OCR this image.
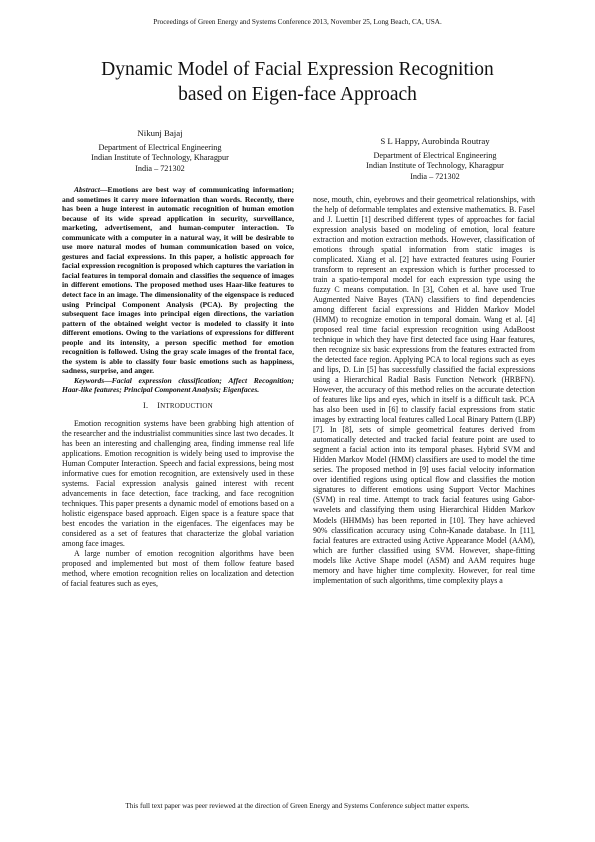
Proceedings of Green Energy and Systems Conference 2013, November 25, Long Beach, CA, USA.
Dynamic Model of Facial Expression Recognition
based on Eigen-face Approach
Nikunj Bajaj
Department of Electrical Engineering
Indian Institute of Technology, Kharagpur
India – 721302
S L Happy, Aurobinda Routray
Department of Electrical Engineering
Indian Institute of Technology, Kharagpur
India – 721302

Abstract—Emotions are best way of communicating information; and sometimes it carry more information than words. Recently, there has been a huge interest in automatic recognition of human emotion because of its wide spread application in security, surveillance, marketing, advertisement, and human-computer interaction. To communicate with a computer in a natural way, it will be desirable to use more natural modes of human communication based on voice, gestures and facial expressions. In this paper, a holistic approach for facial expression recognition is proposed which captures the variation in facial features in temporal domain and classifies the sequence of images in different emotions. The proposed method uses Haar-like features to detect face in an image. The dimensionality of the eigenspace is reduced using Principal Component Analysis (PCA). By projecting the subsequent face images into principal eigen directions, the variation pattern of the obtained weight vector is modeled to classify it into different emotions. Owing to the variations of expressions for different people and its intensity, a person specific method for emotion recognition is followed. Using the gray scale images of the frontal face, the system is able to classify four basic emotions such as happiness, sadness, surprise, and anger.

Keywords—Facial expression classification; Affect Recognition; Haar-like features; Principal Component Analysis; Eigenfaces.

I. INTRODUCTION

Emotion recognition systems have been grabbing high attention of the researcher and the industrialist communities since last two decades. It has been an interesting and challenging area, finding immense real life applications. Emotion recognition is widely being used to improvise the Human Computer Interaction. Speech and facial expressions, being most informative cues for emotion recognition, are extensively used in these systems. Facial expression analysis gained interest with recent advancements in face detection, face tracking, and face recognition techniques. This paper presents a dynamic model of emotions based on a holistic eigenspace based approach. Eigen space is a feature space that best encodes the variation in the eigenfaces. The eigenfaces may be considered as a set of features that characterize the global variation among face images.

A large number of emotion recognition algorithms have been proposed and implemented but most of them follow feature based method, where emotion recognition relies on localization and detection of facial features such as eyes,

nose, mouth, chin, eyebrows and their geometrical relationships, with the help of deformable templates and extensive mathematics. B. Fasel and J. Luettin [1] described different types of approaches for facial expression analysis based on modeling of emotion, local feature extraction and motion extraction methods. However, classification of emotions through spatial information from static images is complicated. Xiang et al. [2] have extracted features using Fourier transform to represent an expression which is further processed to train a spatio-temporal model for each expression type using the fuzzy C means computation. In [3], Cohen et al. have used True Augmented Naive Bayes (TAN) classifiers to find dependencies among different facial expressions and Hidden Markov Model (HMM) to recognize emotion in temporal domain. Wang et al. [4] proposed real time facial expression recognition using AdaBoost technique in which they have first detected face using Haar features, then recognize six basic expressions from the features extracted from the detected face region. Applying PCA to local regions such as eyes and lips, D. Lin [5] has successfully classified the facial expressions using a Hierarchical Radial Basis Function Network (HRBFN). However, the accuracy of this method relies on the accurate detection of features like lips and eyes, which in itself is a difficult task. PCA has also been used in [6] to classify facial expressions from static images by extracting local features called Local Binary Pattern (LBP) [7]. In [8], sets of simple geometrical features derived from automatically detected and tracked facial feature point are used to segment a facial action into its temporal phases. Hybrid SVM and Hidden Markov Model (HMM) classifiers are used to model the time series. The proposed method in [9] uses facial velocity information over identified regions using optical flow and classifies the motion signatures to different emotions using Support Vector Machines (SVM) in real time. Attempt to track facial features using Gabor-wavelets and classifying them using Hierarchical Hidden Markov Models (HHMMs) has been reported in [10]. They have achieved 90% classification accuracy using Cohn-Kanade database. In [11], facial features are extracted using Active Appearance Model (AAM), which are further classified using SVM. However, shape-fitting models like Active Shape model (ASM) and AAM requires huge memory and have higher time complexity. However, for real time implementation of such algorithms, time complexity plays a

This full text paper was peer reviewed at the direction of Green Energy and Systems Conference subject matter experts.
